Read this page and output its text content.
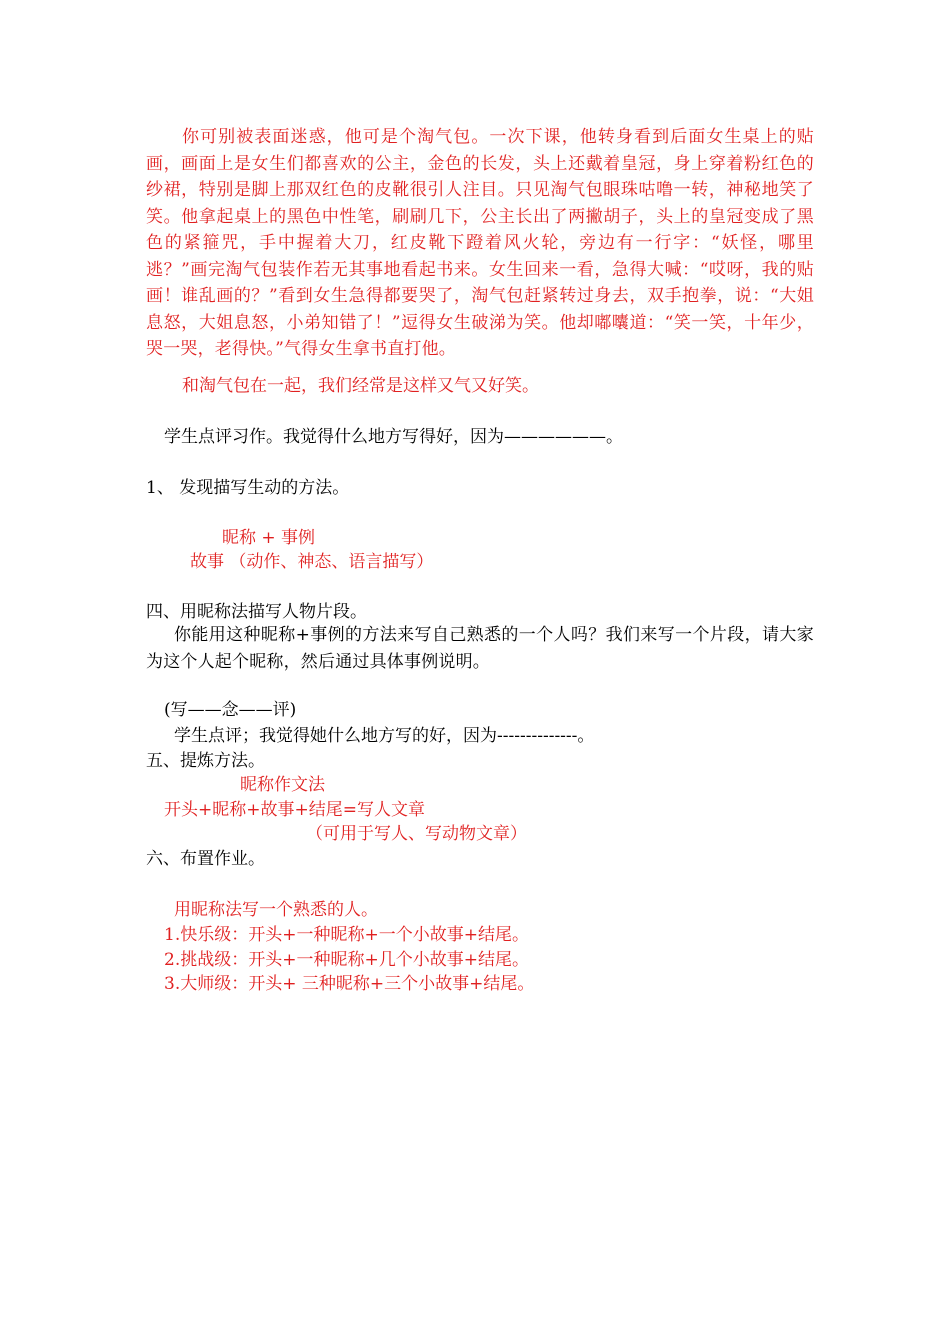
你可别被表面迷惑，他可是个淘气包。一次下课，他转身看到后面女生桌上的贴画，画面上是女生们都喜欢的公主，金色的长发，头上还戴着皇冠，身上穿着粉红色的纱裙，特别是脚上那双红色的皮靴很引人注目。只见淘气包眼珠咕噜一转，神秘地笑了笑。他拿起桌上的黑色中性笔，刷刷几下，公主长出了两撇胡子，头上的皇冠变成了黑色的紧箍咒，手中握着大刀，红皮靴下蹬着风火轮，旁边有一行字：“妖怪，哪里逃？”画完淘气包装作若无其事地看起书来。女生回来一看，急得大喊：“哎呀，我的贴画！谁乱画的？”看到女生急得都要哭了，淘气包赶紧转过身去，双手抱拳，说：“大姐息怒，大姐息怒，小弟知错了！”逗得女生破涕为笑。他却嘟囔道：“笑一笑，十年少，哭一哭，老得快。”气得女生拿书直打他。

和淘气包在一起，我们经常是这样又气又好笑。

学生点评习作。我觉得什么地方写得好，因为——————。

1、 发现描写生动的方法。

昵称 + 事例

故事 （动作、神态、语言描写）

四、用昵称法描写人物片段。

你能用这种昵称+事例的方法来写自己熟悉的一个人吗？我们来写一个片段，请大家为这个人起个昵称，然后通过具体事例说明。

(写——念——评)

学生点评；我觉得她什么地方写的好，因为--------------。

五、提炼方法。

昵称作文法

开头+昵称+故事+结尾=写人文章

（可用于写人、写动物文章）

六、布置作业。

用昵称法写一个熟悉的人。

1.快乐级：开头+一种昵称+一个小故事+结尾。

2.挑战级：开头+一种昵称+几个小故事+结尾。

3.大师级：开头+ 三种昵称+三个小故事+结尾。
